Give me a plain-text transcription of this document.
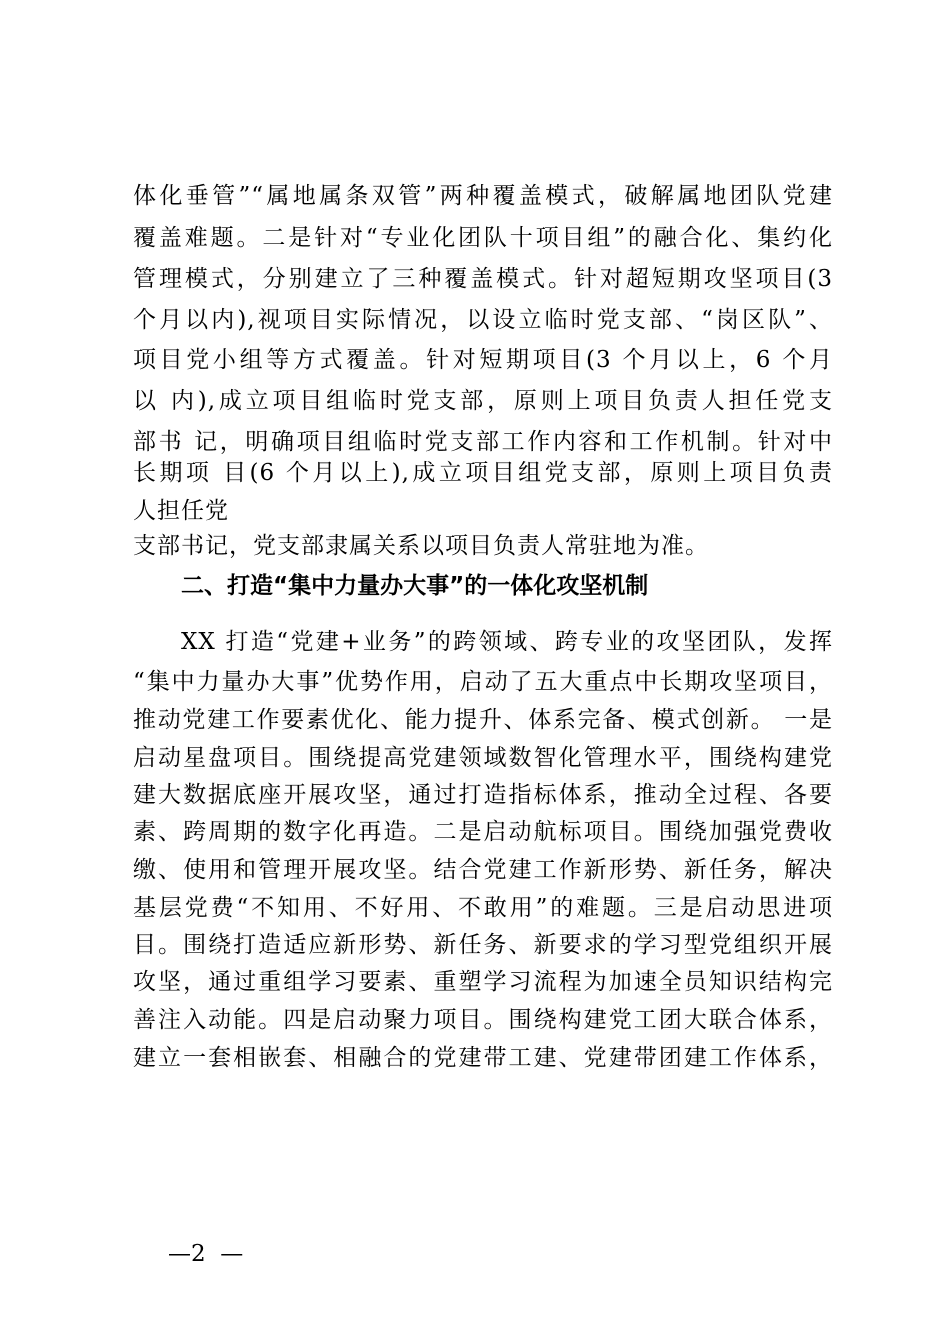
体化垂管”“属地属条双管”两种覆盖模式，破解属地团队党建
覆盖难题。二是针对“专业化团队十项目组”的融合化、集约化
管理模式，分别建立了三种覆盖模式。针对超短期攻坚项目(3
个月以内),视项目实际情况，以设立临时党支部、“岗区队”、
项目党小组等方式覆盖。针对短期项目(3 个月以上，6 个月
以 内),成立项目组临时党支部，原则上项目负责人担任党支
部书 记，明确项目组临时党支部工作内容和工作机制。针对中
长期项 目(6 个月以上),成立项目组党支部，原则上项目负责
人担任党
支部书记，党支部隶属关系以项目负责人常驻地为准。
二、打造“集中力量办大事”的一体化攻坚机制
XX 打造“党建+业务”的跨领域、跨专业的攻坚团队，发挥
“集中力量办大事”优势作用，启动了五大重点中长期攻坚项目，
推动党建工作要素优化、能力提升、体系完备、模式创新。 一是
启动星盘项目。围绕提高党建领域数智化管理水平，围绕构建党
建大数据底座开展攻坚，通过打造指标体系，推动全过程、各要
素、跨周期的数字化再造。二是启动航标项目。围绕加强党费收
缴、使用和管理开展攻坚。结合党建工作新形势、新任务，解决
基层党费“不知用、不好用、不敢用”的难题。三是启动思进项
目。围绕打造适应新形势、新任务、新要求的学习型党组织开展
攻坚，通过重组学习要素、重塑学习流程为加速全员知识结构完
善注入动能。四是启动聚力项目。围绕构建党工团大联合体系，
建立一套相嵌套、相融合的党建带工建、党建带团建工作体系，
—2  —
